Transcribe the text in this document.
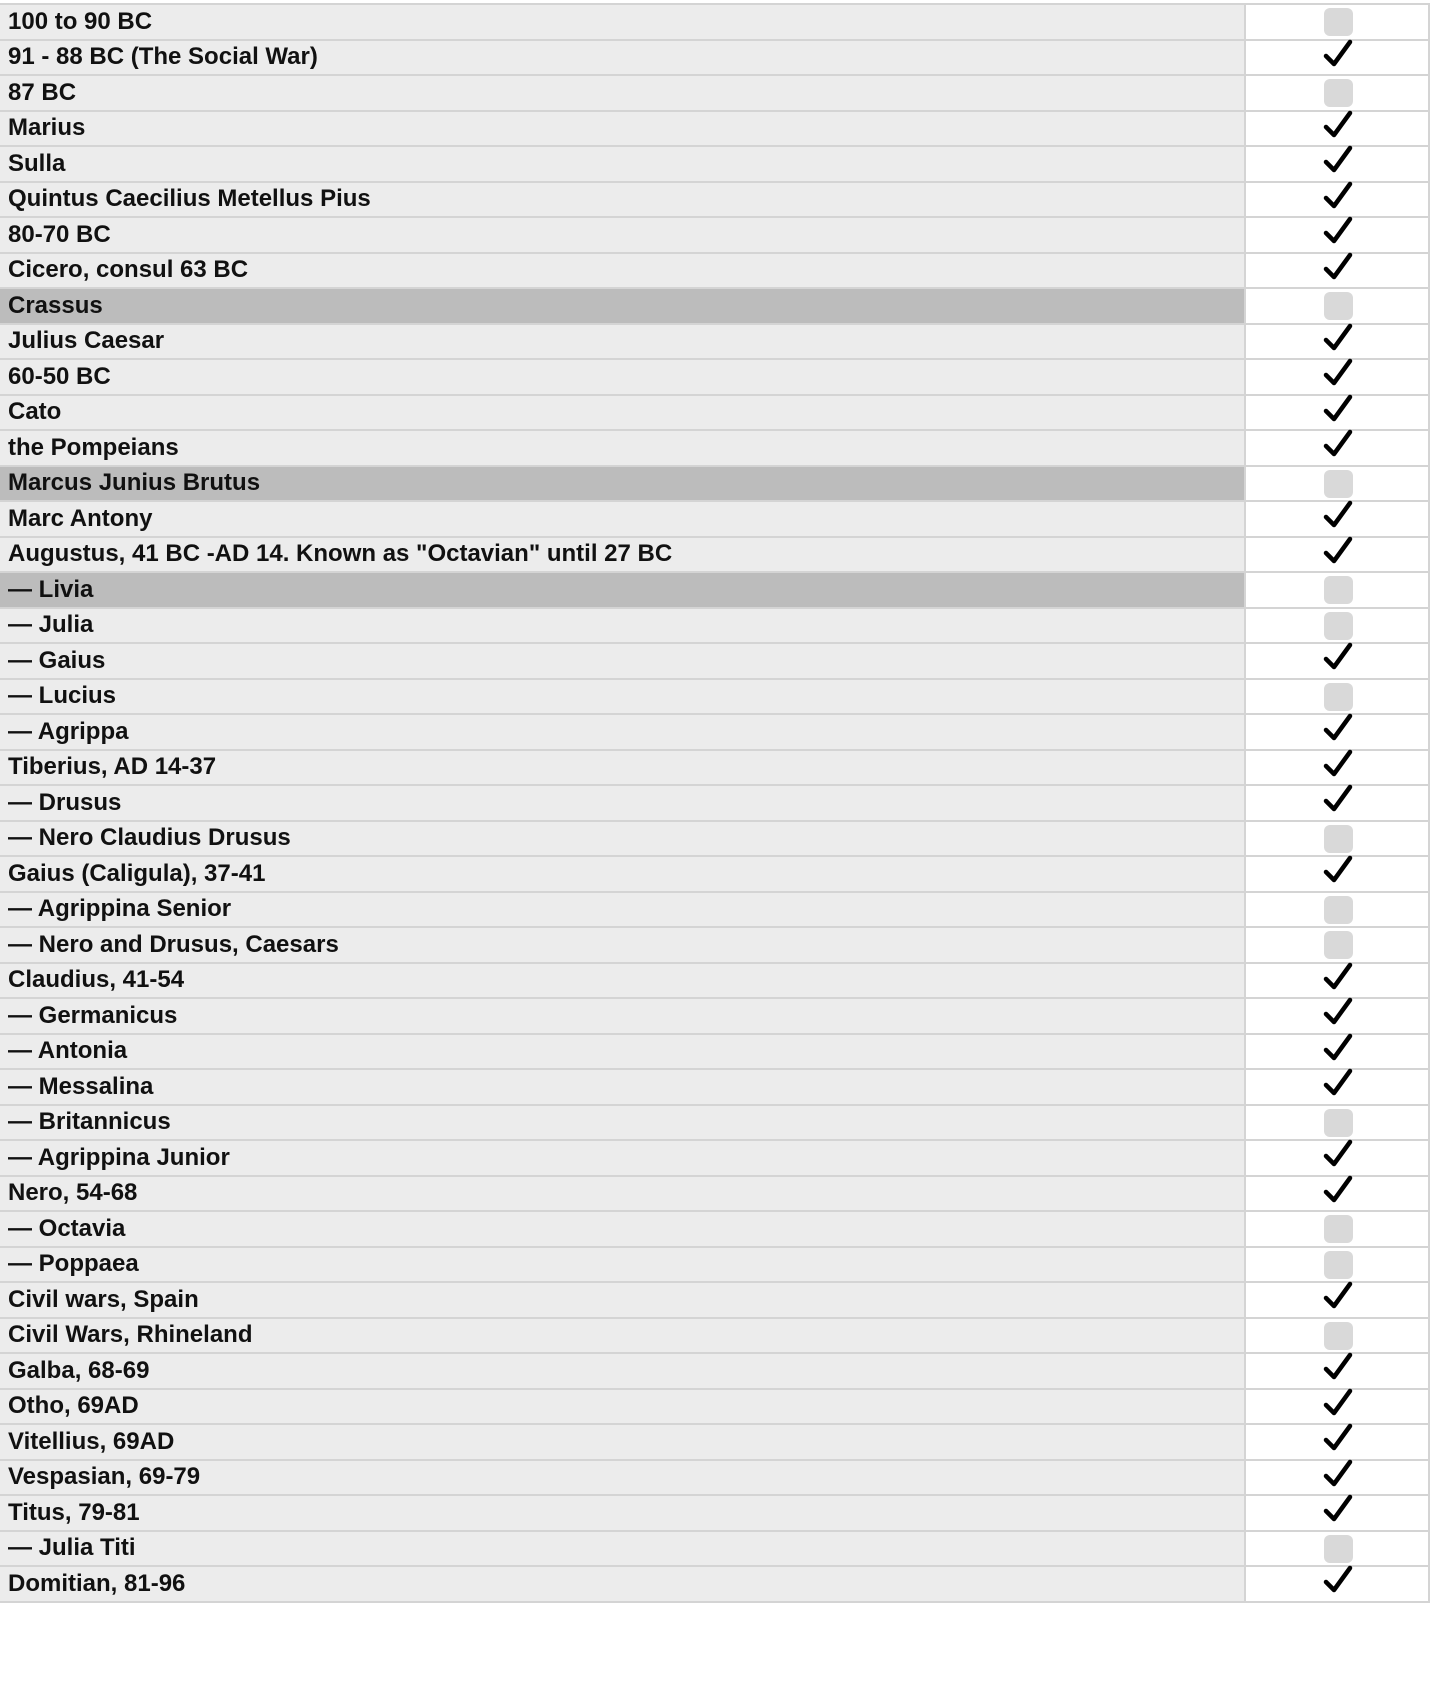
100 to 90 BC
91 - 88 BC (The Social War)
87 BC
Marius
Sulla
Quintus Caecilius Metellus Pius
80-70 BC
Cicero, consul 63 BC
Crassus
Julius Caesar
60-50 BC
Cato
the Pompeians
Marcus Junius Brutus
Marc Antony
Augustus, 41 BC -AD 14. Known as "Octavian" until 27 BC
— Livia
— Julia
— Gaius
— Lucius
— Agrippa
Tiberius, AD 14-37
— Drusus
— Nero Claudius Drusus
Gaius (Caligula), 37-41
— Agrippina Senior
— Nero and Drusus, Caesars
Claudius, 41-54
— Germanicus
— Antonia
— Messalina
— Britannicus
— Agrippina Junior
Nero, 54-68
— Octavia
— Poppaea
Civil wars, Spain
Civil Wars, Rhineland
Galba, 68-69
Otho, 69AD
Vitellius, 69AD
Vespasian, 69-79
Titus, 79-81
— Julia Titi
Domitian, 81-96
